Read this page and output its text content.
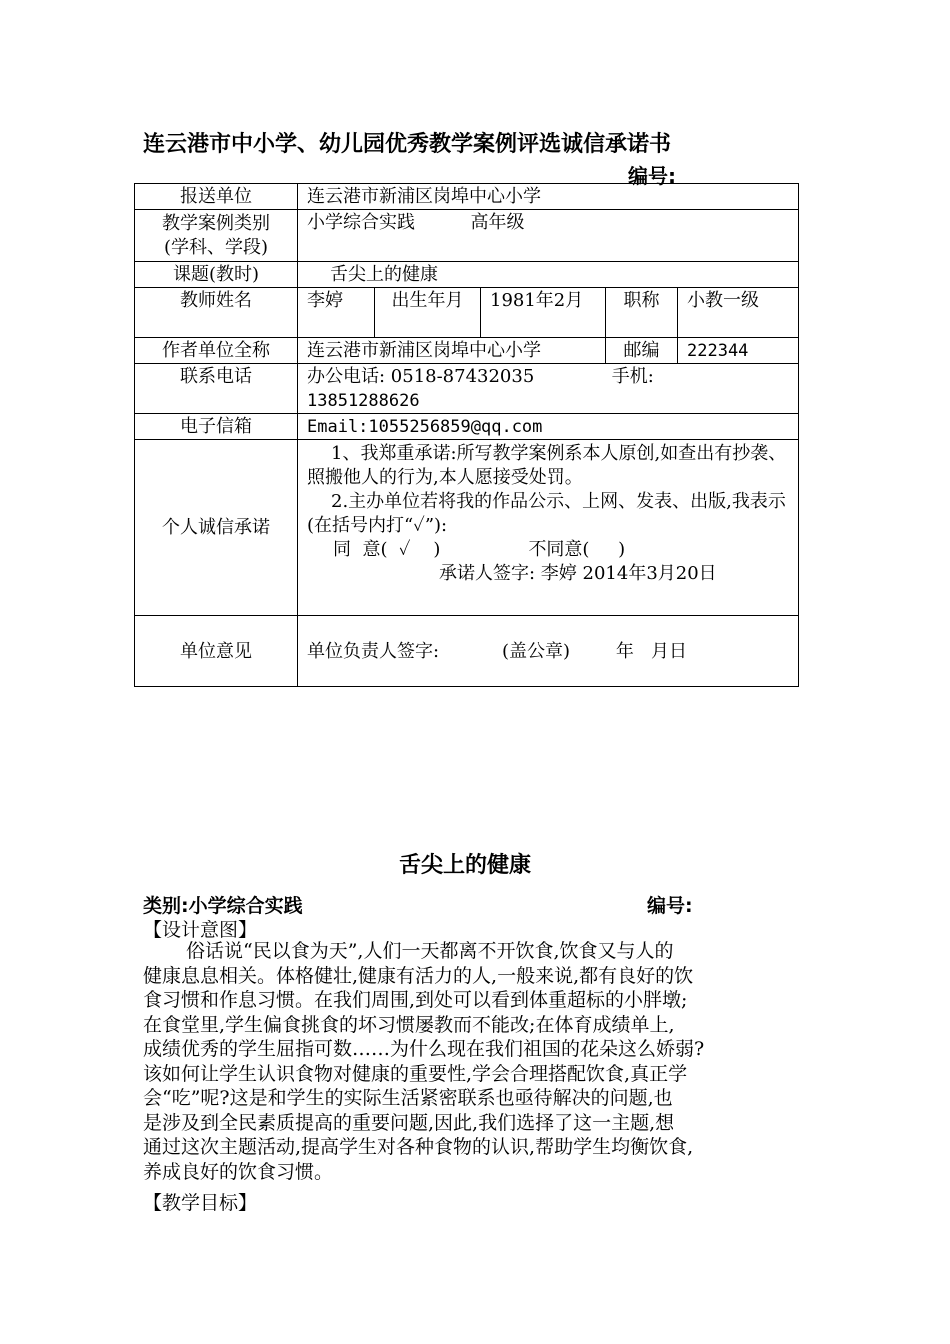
连云港市中小学、幼儿园优秀教学案例评选诚信承诺书
编号:
报送单位	连云港市新浦区岗埠中心小学				

教学案例类别
(学科、学段)	小学综合实践 高年级				
课题(教时)	舌尖上的健康				
教师姓名	李婷	出生年月	1981年2月	职称	小教一级
作者单位全称	连云港市新浦区岗埠中心小学			邮编	222344
联系电话	办公电话: 0518-87432035 手机:
13851288626				
电子信箱	Email:1055256859@qq.com				
个人诚信承诺	1、我郑重承诺:所写教学案例系本人原创,如查出有抄袭、照搬他人的行为,本人愿接受处罚。
2.主办单位若将我的作品公示、上网、发表、出版,我表示(在括号内打“✓”):
同  意(  ✓    ) 不同意(     )
承诺人签字: 李婷 2014年3月20日				

单位意见	单位负责人签字:           (盖公章)        年   月日				
舌尖上的健康
类别:小学综合实践	编号:
【设计意图】
俗话说“民以食为天”,人们一天都离不开饮食,饮食又与人的
健康息息相关。体格健壮,健康有活力的人,一般来说,都有良好的饮
食习惯和作息习惯。在我们周围,到处可以看到体重超标的小胖墩;
在食堂里,学生偏食挑食的坏习惯屡教而不能改;在体育成绩单上,
成绩优秀的学生屈指可数……为什么现在我们祖国的花朵这么娇弱?
该如何让学生认识食物对健康的重要性,学会合理搭配饮食,真正学
会“吃”呢?这是和学生的实际生活紧密联系也亟待解决的问题,也
是涉及到全民素质提高的重要问题,因此,我们选择了这一主题,想
通过这次主题活动,提高学生对各种食物的认识,帮助学生均衡饮食,
养成良好的饮食习惯。
【教学目标】
